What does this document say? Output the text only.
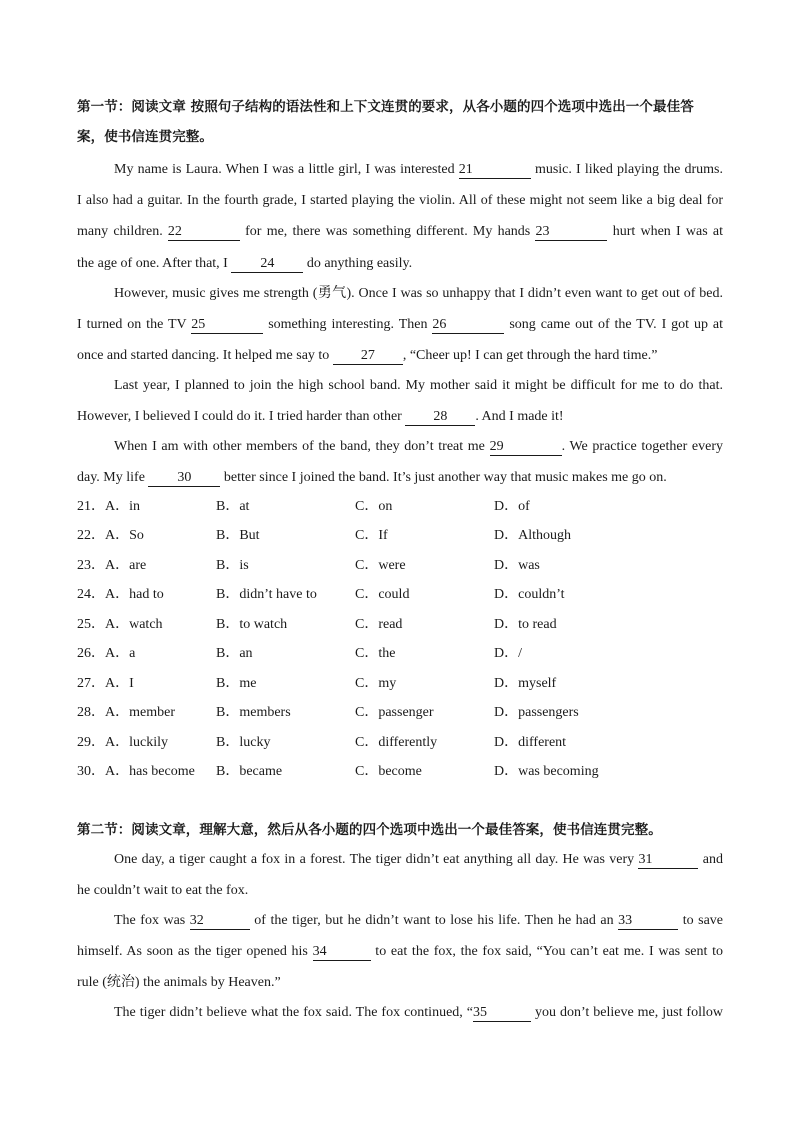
第一节：阅读文章 按照句子结构的语法性和上下文连贯的要求，从各小题的四个选项中选出一个最佳答
案，使书信连贯完整。
My name is Laura. When I was a little girl, I was interested 21	music. I liked playing the drums.
I also had a guitar. In the fourth grade, I started playing the violin. All of these might not seem like a big deal for
many children. 22	for me, there was something different. My hands 23	hurt when I was at
the age of one. After that, I 24 do anything easily.
However, music gives me strength (勇气). Once I was so unhappy that I didn’t even want to get out of bed.
I turned on the TV 25	something interesting. Then 26	song came out of the TV. I got up at
once and started dancing. It helped me say to 27 , “Cheer up! I can get through the hard time.”
Last year, I planned to join the high school band. My mother said it might be difficult for me to do that.
However, I believed I could do it. I tried harder than other 28 . And I made it!
When I am with other members of the band, they don’t treat me 29	. We practice together every
day. My life 30 better since I joined the band. It’s just another way that music makes me go on.
21． A．in	B．at	C．on	D．of
22． A．So	B．But	C．If	D．Although
23． A．are	B．is	C．were	D．was
24． A．had to	B．didn’t have to	C．could	D．couldn’t
25． A．watch	B．to watch	C．read	D．to read
26． A．a	B．an	C．the	D．/
27． A．I	B．me	C．my	D．myself
28． A．member	B．members	C．passenger	D．passengers
29． A．luckily	B．lucky	C．differently	D．different
30． A．has become B．became	C．become	D．was becoming
第二节：阅读文章，理解大意，然后从各小题的四个选项中选出一个最佳答案，使书信连贯完整。
One day, a tiger caught a fox in a forest. The tiger didn’t eat anything all day. He was very 31	and
he couldn’t wait to eat the fox.
The fox was 32	of the tiger, but he didn’t want to lose his life. Then he had an 33	to save
himself. As soon as the tiger opened his 34	to eat the fox, the fox said, “You can’t eat me. I was sent to
rule (统治) the animals by Heaven.”
The tiger didn’t believe what the fox said. The fox continued, “35	you don’t believe me, just follow
